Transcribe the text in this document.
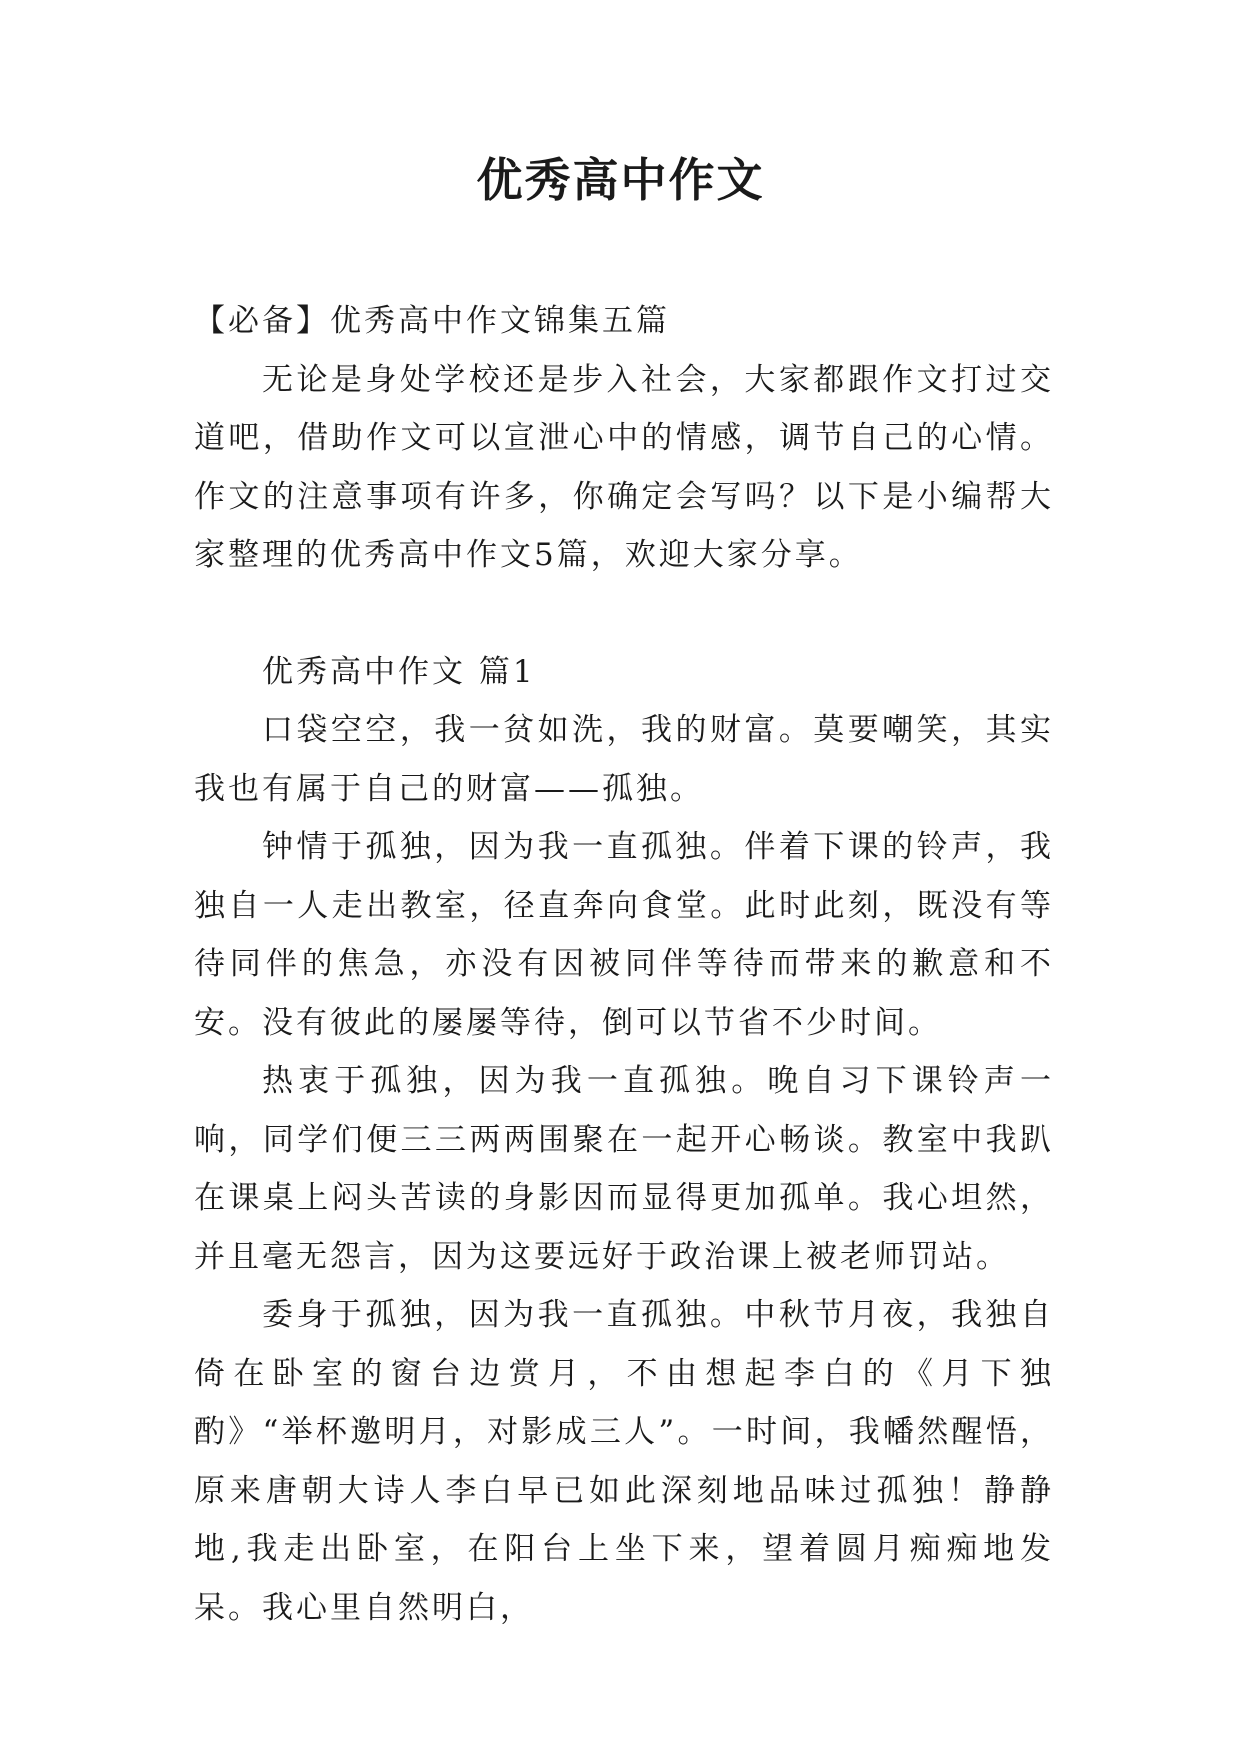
优秀高中作文

【必备】优秀高中作文锦集五篇

无论是身处学校还是步入社会，大家都跟作文打过交道吧，借助作文可以宣泄心中的情感，调节自己的心情。作文的注意事项有许多，你确定会写吗？以下是小编帮大家整理的优秀高中作文5篇，欢迎大家分享。

优秀高中作文 篇1

口袋空空，我一贫如洗，我的财富。莫要嘲笑，其实我也有属于自己的财富——孤独。

钟情于孤独，因为我一直孤独。伴着下课的铃声，我独自一人走出教室，径直奔向食堂。此时此刻，既没有等待同伴的焦急，亦没有因被同伴等待而带来的歉意和不安。没有彼此的屡屡等待，倒可以节省不少时间。

热衷于孤独，因为我一直孤独。晚自习下课铃声一响，同学们便三三两两围聚在一起开心畅谈。教室中我趴在课桌上闷头苦读的身影因而显得更加孤单。我心坦然，并且毫无怨言，因为这要远好于政治课上被老师罚站。

委身于孤独，因为我一直孤独。中秋节月夜，我独自倚在卧室的窗台边赏月，不由想起李白的《月下独酌》“举杯邀明月，对影成三人”。一时间，我幡然醒悟，原来唐朝大诗人李白早已如此深刻地品味过孤独！静静地,我走出卧室，在阳台上坐下来，望着圆月痴痴地发呆。我心里自然明白，
